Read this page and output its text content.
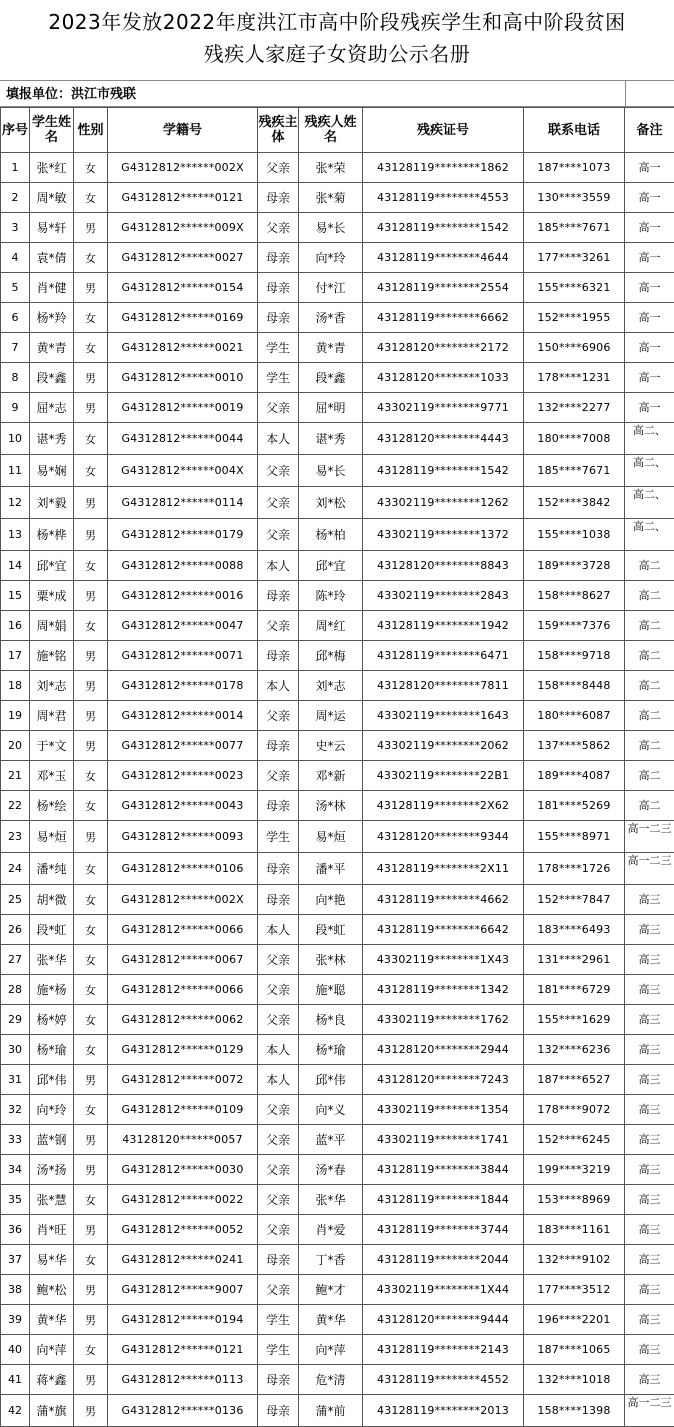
2023年发放2022年度洪江市高中阶段残疾学生和高中阶段贫困
残疾人家庭子女资助公示名册
填报单位：洪江市残联
序号	学生姓名	性别	学籍号	残疾主体	残疾人姓名	残疾证号	联系电话	备注
1	张*红	女	G4312812******002X	父亲	张*荣	43128119********1862	187****1073	高一
2	周*敏	女	G4312812******0121	母亲	张*菊	43128119********4553	130****3559	高一
3	易*轩	男	G4312812******009X	父亲	易*长	43128119********1542	185****7671	高一
4	袁*倩	女	G4312812******0027	母亲	向*玲	43128119********4644	177****3261	高一
5	肖*健	男	G4312812******0154	母亲	付*江	43128119********2554	155****6321	高一
6	杨*羚	女	G4312812******0169	母亲	汤*香	43128119********6662	152****1955	高一
7	黄*青	女	G4312812******0021	学生	黄*青	43128120********2172	150****6906	高一
8	段*鑫	男	G4312812******0010	学生	段*鑫	43128120********1033	178****1231	高一
9	屈*志	男	G4312812******0019	父亲	屈*明	43302119********9771	132****2277	高一
10	谌*秀	女	G4312812******0044	本人	谌*秀	43128120********4443	180****7008	高二、
11	易*娴	女	G4312812******004X	父亲	易*长	43128119********1542	185****7671	高二、
12	刘*毅	男	G4312812******0114	父亲	刘*松	43302119********1262	152****3842	高二、
13	杨*桦	男	G4312812******0179	父亲	杨*柏	43302119********1372	155****1038	高二、
14	邱*宜	女	G4312812******0088	本人	邱*宜	43128120********8843	189****3728	高二
15	粟*成	男	G4312812******0016	母亲	陈*玲	43302119********2843	158****8627	高二
16	周*娟	女	G4312812******0047	父亲	周*红	43128119********1942	159****7376	高二
17	施*铭	男	G4312812******0071	母亲	邱*梅	43128119********6471	158****9718	高二
18	刘*志	男	G4312812******0178	本人	刘*志	43128120********7811	158****8448	高二
19	周*君	男	G4312812******0014	父亲	周*运	43302119********1643	180****6087	高二
20	于*文	男	G4312812******0077	母亲	史*云	43302119********2062	137****5862	高二
21	邓*玉	女	G4312812******0023	父亲	邓*新	43302119********22B1	189****4087	高二
22	杨*绘	女	G4312812******0043	母亲	汤*林	43128119********2X62	181****5269	高二
23	易*烜	男	G4312812******0093	学生	易*烜	43128120********9344	155****8971	高一二三
24	潘*纯	女	G4312812******0106	母亲	潘*平	43128119********2X11	178****1726	高一二三
25	胡*微	女	G4312812******002X	母亲	向*艳	43128119********4662	152****7847	高三
26	段*虹	女	G4312812******0066	本人	段*虹	43128119********6642	183****6493	高三
27	张*华	女	G4312812******0067	父亲	张*林	43302119********1X43	131****2961	高三
28	施*杨	女	G4312812******0066	父亲	施*聪	43128119********1342	181****6729	高三
29	杨*婷	女	G4312812******0062	父亲	杨*良	43302119********1762	155****1629	高三
30	杨*瑜	女	G4312812******0129	本人	杨*瑜	43128120********2944	132****6236	高三
31	邱*伟	男	G4312812******0072	本人	邱*伟	43128120********7243	187****6527	高三
32	向*玲	女	G4312812******0109	父亲	向*义	43302119********1354	178****9072	高三
33	蓝*钢	男	43128120******0057	父亲	蓝*平	43302119********1741	152****6245	高三
34	汤*扬	男	G4312812******0030	父亲	汤*春	43128119********3844	199****3219	高三
35	张*慧	女	G4312812******0022	父亲	张*华	43128119********1844	153****8969	高三
36	肖*旺	男	G4312812******0052	父亲	肖*爱	43128119********3744	183****1161	高三
37	易*华	女	G4312812******0241	母亲	丁*香	43128119********2044	132****9102	高三
38	鲍*松	男	G4312812******9007	父亲	鲍*才	43302119********1X44	177****3512	高三
39	黄*华	男	G4312812******0194	学生	黄*华	43128120********9444	196****2201	高三
40	向*萍	女	G4312812******0121	学生	向*萍	43128119********2143	187****1065	高三
41	蒋*鑫	男	G4312812******0113	母亲	危*清	43128119********4552	132****1018	高三
42	蒲*旗	男	G4312812******0136	母亲	蒲*前	43128119********2013	158****1398	高一二三
